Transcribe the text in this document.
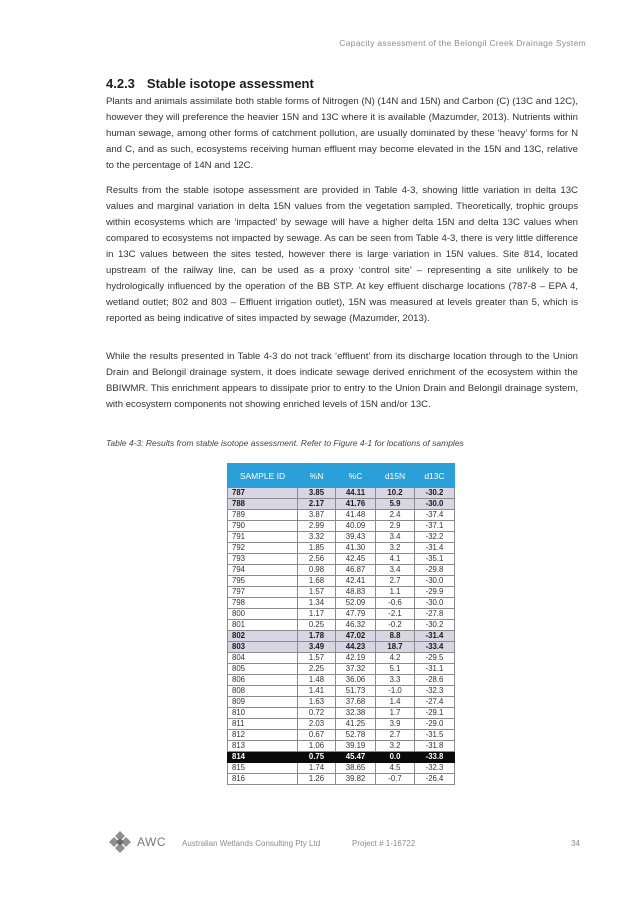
Capacity assessment of the Belongil Creek Drainage System
4.2.3 Stable isotope assessment

Plants and animals assimilate both stable forms of Nitrogen (N) (14N and 15N) and Carbon (C) (13C and 12C), however they will preference the heavier 15N and 13C where it is available (Mazumder, 2013). Nutrients within human sewage, among other forms of catchment pollution, are usually dominated by these ‘heavy’ forms for N and C, and as such, ecosystems receiving human effluent may become elevated in the 15N and 13C, relative to the percentage of 14N and 12C.

Results from the stable isotope assessment are provided in Table 4-3, showing little variation in delta 13C values and marginal variation in delta 15N values from the vegetation sampled. Theoretically, trophic groups within ecosystems which are ‘impacted’ by sewage will have a higher delta 15N and delta 13C values when compared to ecosystems not impacted by sewage. As can be seen from Table 4-3, there is very little difference in 13C values between the sites tested, however there is large variation in 15N values. Site 814, located upstream of the railway line, can be used as a proxy ‘control site’ – representing a site unlikely to be hydrologically influenced by the operation of the BB STP. At key effluent discharge locations (787-8 – EPA 4, wetland outlet; 802 and 803 – Effluent irrigation outlet), 15N was measured at levels greater than 5, which is reported as being indicative of sites impacted by sewage (Mazumder, 2013).

While the results presented in Table 4-3 do not track ‘effluent’ from its discharge location through to the Union Drain and Belongil drainage system, it does indicate sewage derived enrichment of the ecosystem within the BBIWMR. This enrichment appears to dissipate prior to entry to the Union Drain and Belongil drainage system, with ecosystem components not showing enriched levels of 15N and/or 13C.

Table 4-3: Results from stable isotope assessment. Refer to Figure 4-1 for locations of samples
SAMPLE ID	%N	%C	d15N	d13C
787	3.85	44.11	10.2	-30.2
788	2.17	41.76	5.9	-30.0
789	3.87	41.48	2.4	-37.4
790	2.99	40.09	2.9	-37.1
791	3.32	39.43	3.4	-32.2
792	1.85	41.30	3.2	-31.4
793	2.56	42.45	4.1	-35.1
794	0.98	46.87	3.4	-29.8
795	1.68	42.41	2.7	-30.0
797	1.57	48.83	1.1	-29.9
798	1.34	52.09	-0.6	-30.0
800	1.17	47.79	-2.1	-27.8
801	0.25	46.32	-0.2	-30.2
802	1.78	47.02	8.8	-31.4
803	3.49	44.23	18.7	-33.4
804	1.57	42.19	4.2	-29.5
805	2.25	37.32	5.1	-31.1
806	1.48	36.06	3.3	-28.6
808	1.41	51.73	-1.0	-32.3
809	1.63	37.68	1.4	-27.4
810	0.72	32.38	1.7	-29.1
811	2.03	41.25	3.9	-29.0
812	0.67	52.78	2.7	-31.5
813	1.06	39.19	3.2	-31.8
814	0.75	45.47	0.0	-33.8
815	1.74	38.65	4.5	-32.3
816	1.26	39.82	-0.7	-26.4
AWC Australian Wetlands Consulting Pty Ltd	Project # 1-16722	34
